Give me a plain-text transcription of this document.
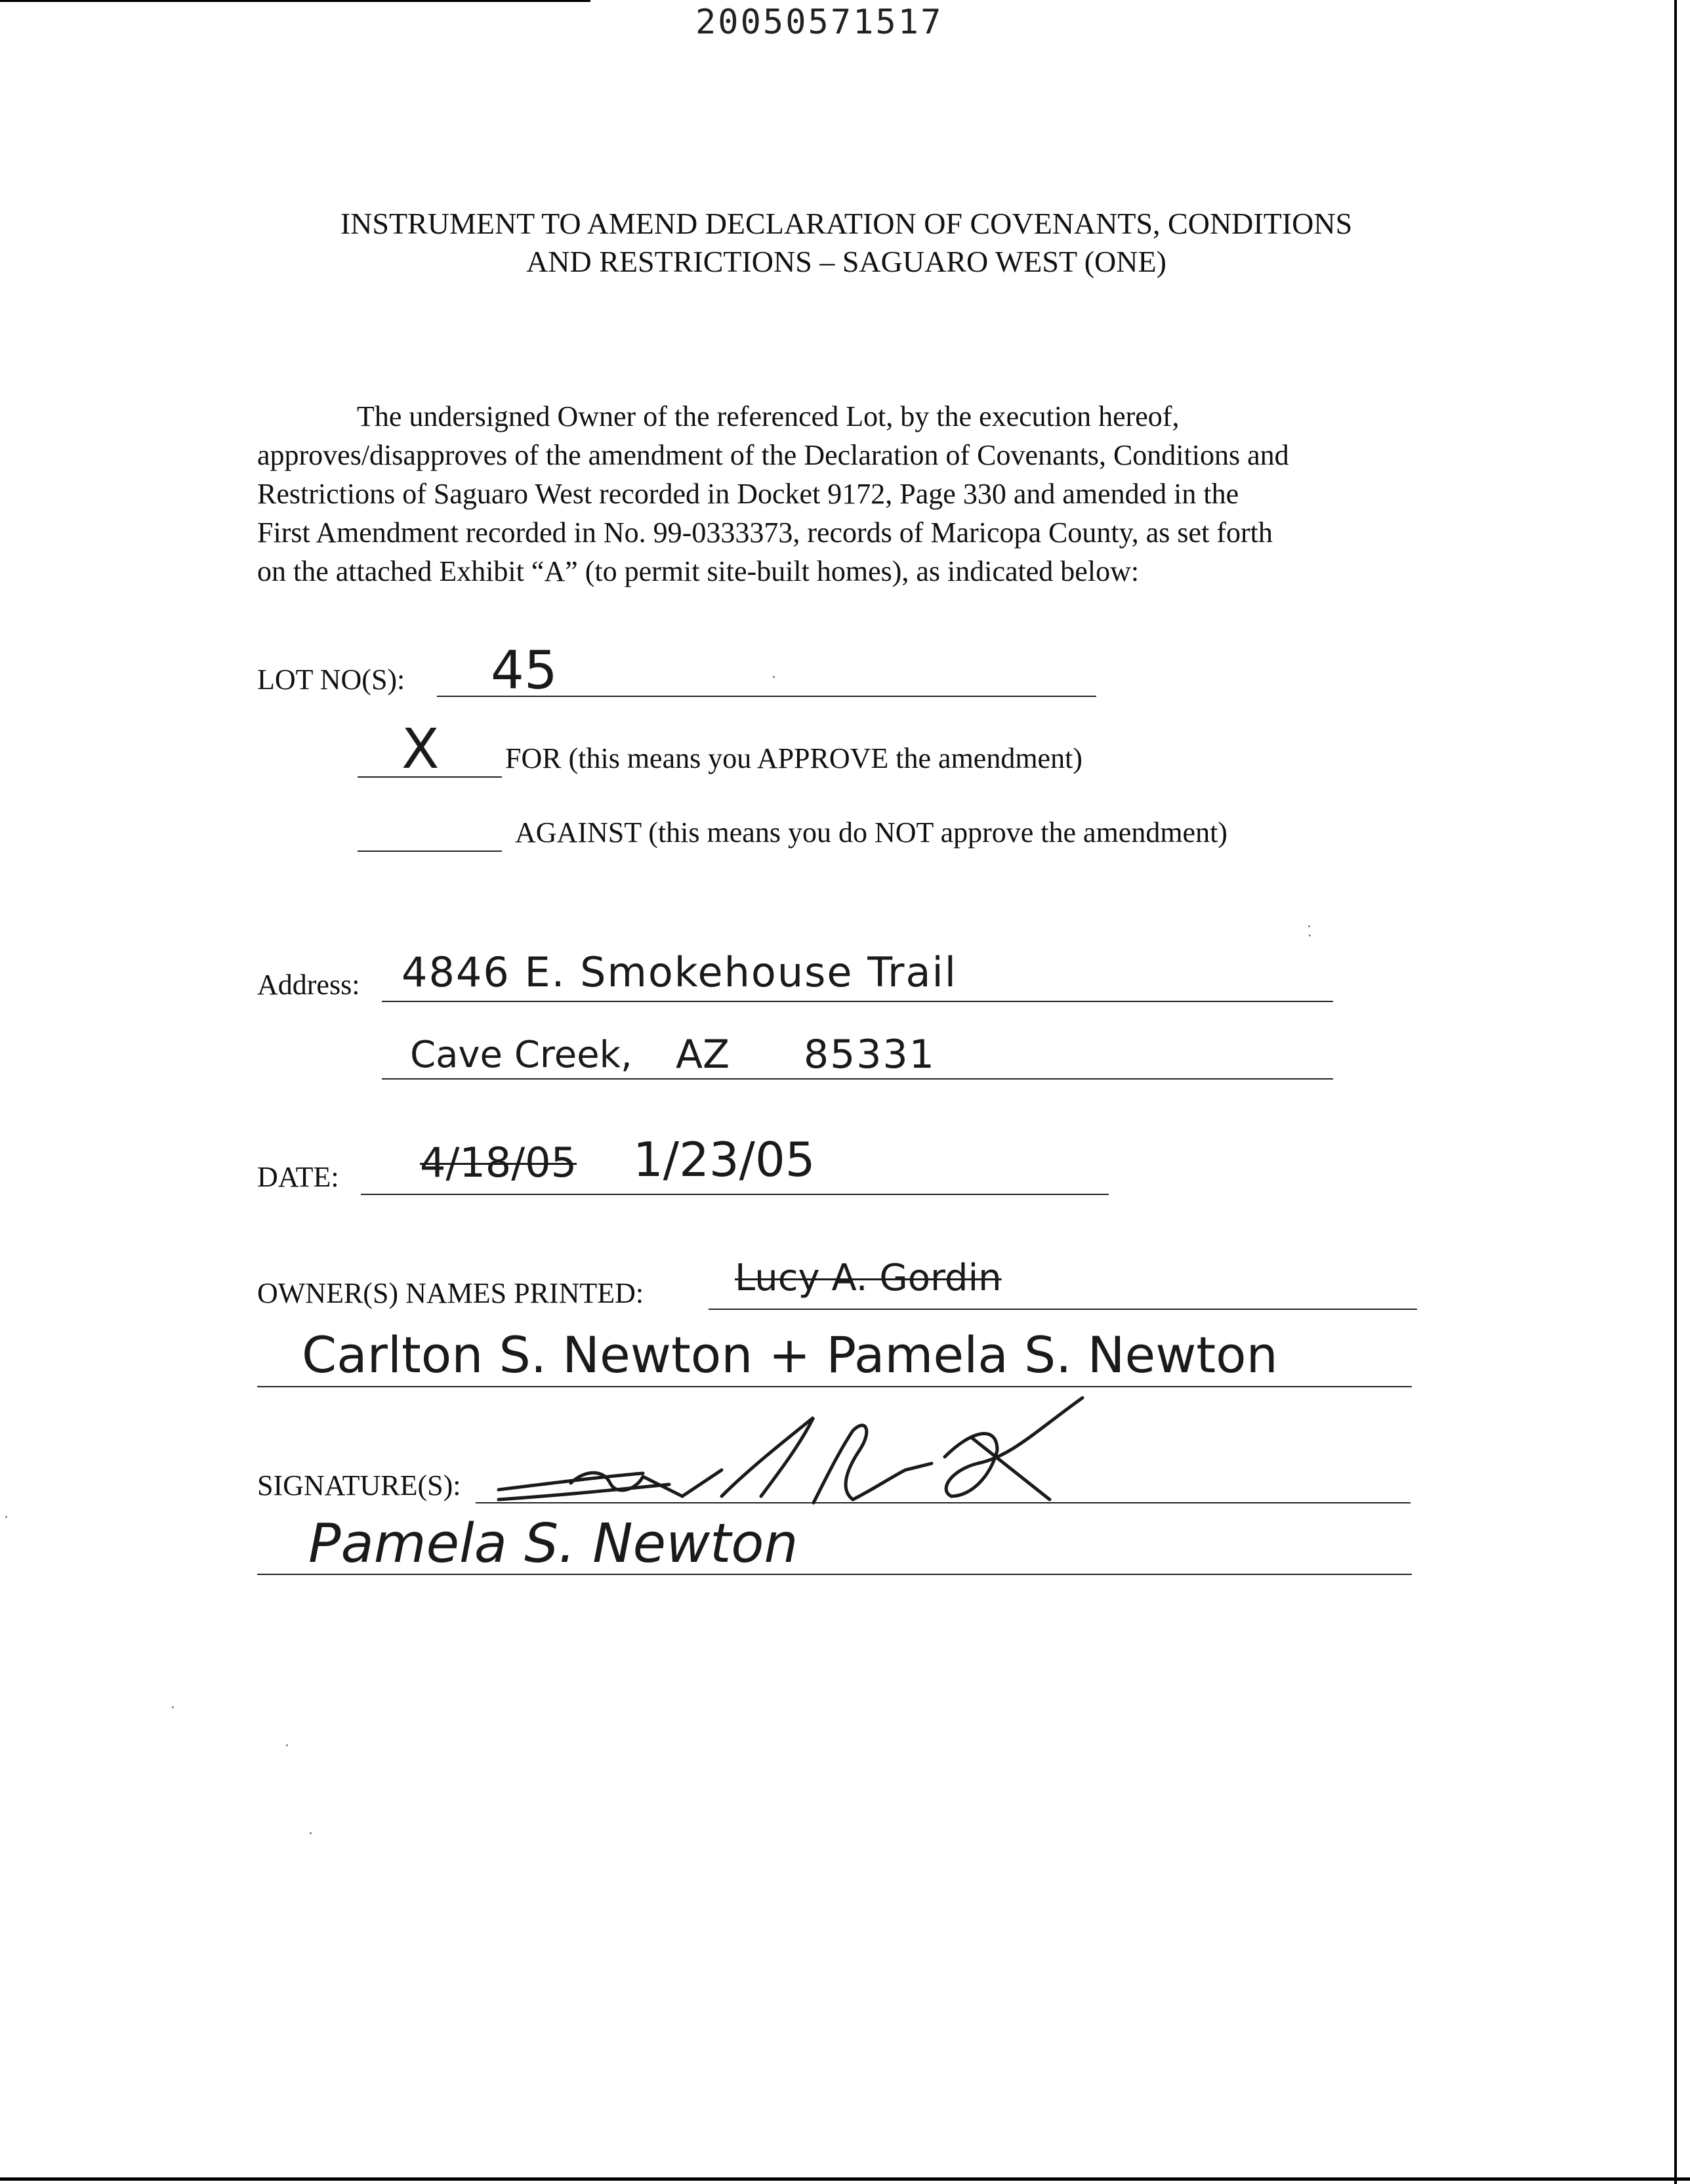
20050571517
INSTRUMENT TO AMEND DECLARATION OF COVENANTS, CONDITIONS
AND RESTRICTIONS – SAGUARO WEST (ONE)
The undersigned Owner of the referenced Lot, by the execution hereof,
approves/disapproves of the amendment of the Declaration of Covenants, Conditions and
Restrictions of Saguaro West recorded in Docket 9172, Page 330 and amended in the
First Amendment recorded in No. 99-0333373, records of Maricopa County, as set forth
on the attached Exhibit “A” (to permit site-built homes), as indicated below:
LOT NO(S): 45
X FOR (this means you APPROVE the amendment)
AGAINST (this means you do NOT approve the amendment)
Address: 4846 E. Smokehouse Trail
Cave Creek, AZ 85331
DATE: 4/18/05 1/23/05
OWNER(S) NAMES PRINTED: Lucy A. Gordin
Carlton S. Newton + Pamela S. Newton
SIGNATURE(S):
Pamela S. Newton
